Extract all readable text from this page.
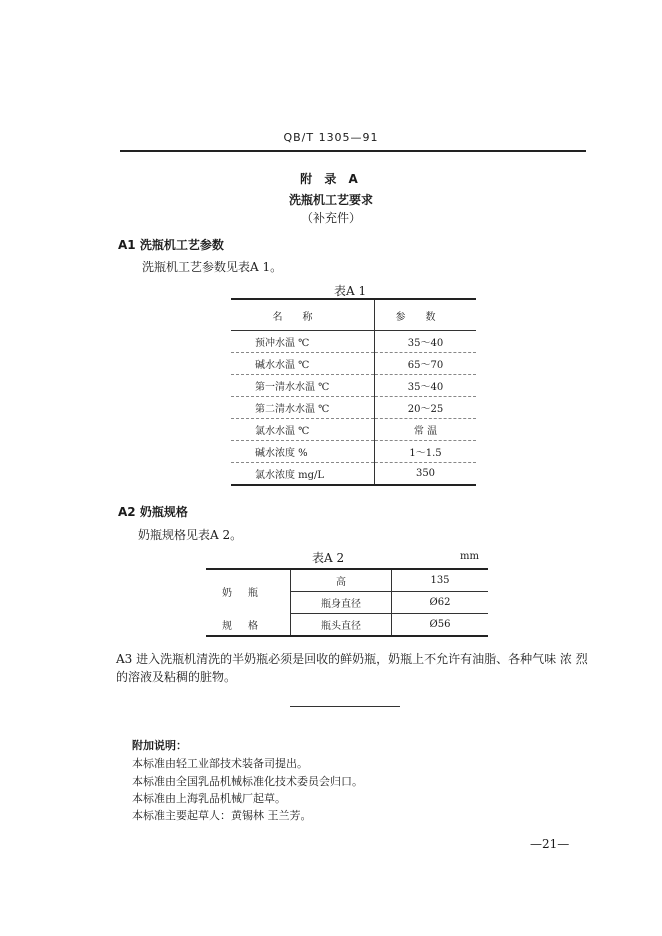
QB/T 1305—91
附 录 A
洗瓶机工艺要求
（补充件）
A1 洗瓶机工艺参数
洗瓶机工艺参数见表A 1。
表A 1
名称	参数
预冲水温 ℃	35～40
碱水水温 ℃	65～70
第一清水水温 ℃	35～40
第二清水水温 ℃	20～25
氯水水温 ℃	常 温
碱水浓度 %	1～1.5
氯水浓度 mg/L	350
A2 奶瓶规格
奶瓶规格见表A 2。
表A 2	mm
奶瓶	高	135
	瓶身直径	Ø62
规格	瓶头直径	Ø56
A3 进入洗瓶机清洗的半奶瓶必须是回收的鲜奶瓶，奶瓶上不允许有油脂、各种气味 浓 烈
的溶液及粘稠的脏物。
附加说明：
本标准由轻工业部技术装备司提出。
本标准由全国乳品机械标准化技术委员会归口。
本标准由上海乳品机械厂起草。
本标准主要起草人：黄锡林 王兰芳。
—21—
